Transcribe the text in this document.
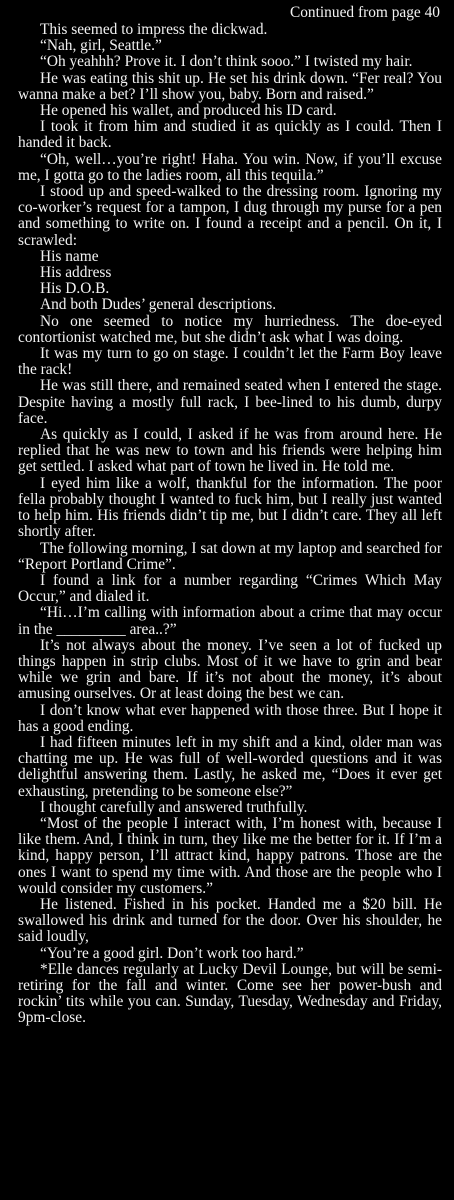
Continued from page 40

This seemed to impress the dickwad.

“Nah, girl, Seattle.”

“Oh yeahhh? Prove it. I don’t think sooo.” I twisted my hair.

He was eating this shit up. He set his drink down. “Fer real? You wanna make a bet? I’ll show you, baby. Born and raised.”

He opened his wallet, and produced his ID card.

I took it from him and studied it as quickly as I could. Then I handed it back.

“Oh, well…you’re right! Haha. You win. Now, if you’ll excuse me, I gotta go to the ladies room, all this tequila.”

I stood up and speed-walked to the dressing room. Ignoring my co-worker’s request for a tampon, I dug through my purse for a pen and something to write on. I found a receipt and a pencil. On it, I scrawled:

His name

His address

His D.O.B.

And both Dudes’ general descriptions.

No one seemed to notice my hurriedness. The doe-eyed contortionist watched me, but she didn’t ask what I was doing.

It was my turn to go on stage. I couldn’t let the Farm Boy leave the rack!

He was still there, and remained seated when I entered the stage. Despite having a mostly full rack, I bee-lined to his dumb, durpy face.

As quickly as I could, I asked if he was from around here. He replied that he was new to town and his friends were helping him get settled. I asked what part of town he lived in. He told me.

I eyed him like a wolf, thankful for the information. The poor fella probably thought I wanted to fuck him, but I really just wanted to help him. His friends didn’t tip me, but I didn’t care. They all left shortly after.

The following morning, I sat down at my laptop and searched for “Report Portland Crime”.

I found a link for a number regarding “Crimes Which May Occur,” and dialed it.

“Hi…I’m calling with information about a crime that may occur in the _________ area..?”

It’s not always about the money. I’ve seen a lot of fucked up things happen in strip clubs. Most of it we have to grin and bear while we grin and bare. If it’s not about the money, it’s about amusing ourselves. Or at least doing the best we can.

I don’t know what ever happened with those three. But I hope it has a good ending.

I had fifteen minutes left in my shift and a kind, older man was chatting me up. He was full of well-worded questions and it was delightful answering them. Lastly, he asked me, “Does it ever get exhausting, pretending to be someone else?”

I thought carefully and answered truthfully.

“Most of the people I interact with, I’m honest with, because I like them. And, I think in turn, they like me the better for it. If I’m a kind, happy person, I’ll attract kind, happy patrons. Those are the ones I want to spend my time with. And those are the people who I would consider my customers.”

He listened. Fished in his pocket. Handed me a $20 bill. He swallowed his drink and turned for the door. Over his shoulder, he said loudly,

“You’re a good girl. Don’t work too hard.”

*Elle dances regularly at Lucky Devil Lounge, but will be semi-retiring for the fall and winter. Come see her power-bush and rockin’ tits while you can. Sunday, Tuesday, Wednesday and Friday, 9pm-close.
